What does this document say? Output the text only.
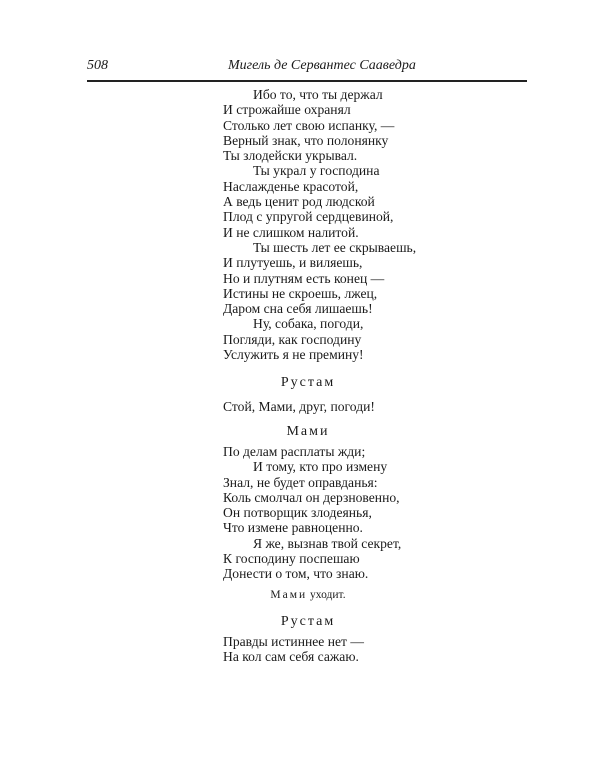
508	Мигель де Сервантес Сааведра
Ибо то, что ты держал
И строжайше охранял
Столько лет свою испанку, —
Верный знак, что полонянку
Ты злодейски укрывал.
Ты украл у господина
Наслажденье красотой,
А ведь ценит род людской
Плод с упругой сердцевиной,
И не слишком налитой.
Ты шесть лет ее скрываешь,
И плутуешь, и виляешь,
Но и плутням есть конец —
Истины не скроешь, лжец,
Даром сна себя лишаешь!
Ну, собака, погоди,
Погляди, как господину
Услужить я не премину!
Рустам
Стой, Мами, друг, погоди!
Мами
По делам расплаты жди;
И тому, кто про измену
Знал, не будет оправданья:
Коль смолчал он дерзновенно,
Он потворщик злодеянья,
Что измене равноценно.
Я же, вызнав твой секрет,
К господину поспешаю
Донести о том, что знаю.
Мами уходит.
Рустам
Правды истиннее нет —
На кол сам себя сажаю.
